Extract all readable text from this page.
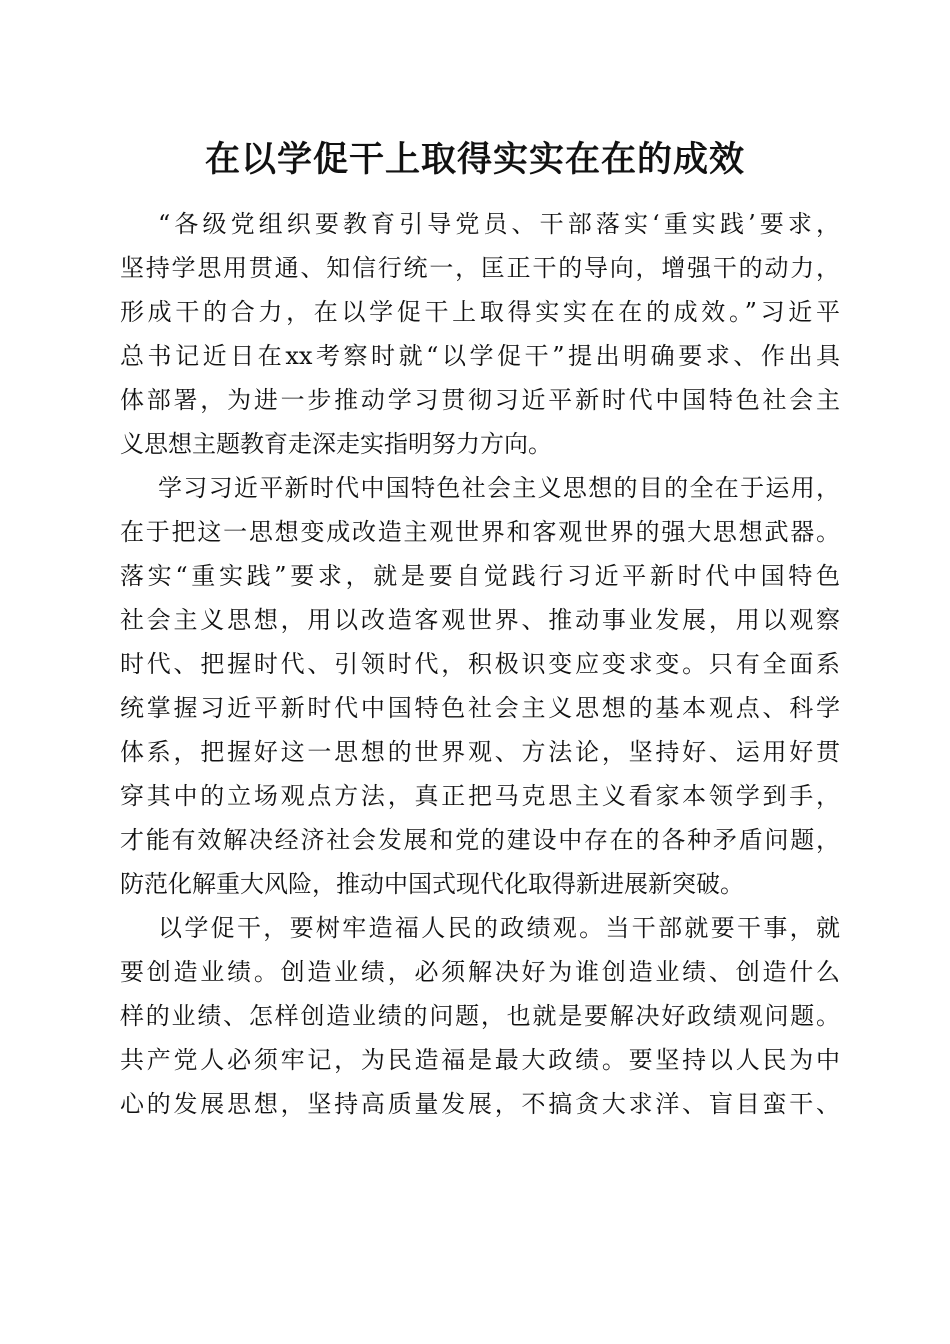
在以学促干上取得实实在在的成效

“各级党组织要教育引导党员、干部落实‘重实践’要求，

坚持学思用贯通、知信行统一，匡正干的导向，增强干的动力，

形成干的合力，在以学促干上取得实实在在的成效。”习近平

总书记近日在xx考察时就“以学促干”提出明确要求、作出具

体部署，为进一步推动学习贯彻习近平新时代中国特色社会主

义思想主题教育走深走实指明努力方向。

学习习近平新时代中国特色社会主义思想的目的全在于运用，

在于把这一思想变成改造主观世界和客观世界的强大思想武器。

落实“重实践”要求，就是要自觉践行习近平新时代中国特色

社会主义思想，用以改造客观世界、推动事业发展，用以观察

时代、把握时代、引领时代，积极识变应变求变。只有全面系

统掌握习近平新时代中国特色社会主义思想的基本观点、科学

体系，把握好这一思想的世界观、方法论，坚持好、运用好贯

穿其中的立场观点方法，真正把马克思主义看家本领学到手，

才能有效解决经济社会发展和党的建设中存在的各种矛盾问题，

防范化解重大风险，推动中国式现代化取得新进展新突破。

以学促干，要树牢造福人民的政绩观。当干部就要干事，就

要创造业绩。创造业绩，必须解决好为谁创造业绩、创造什么

样的业绩、怎样创造业绩的问题，也就是要解决好政绩观问题。

共产党人必须牢记，为民造福是最大政绩。要坚持以人民为中

心的发展思想，坚持高质量发展，不搞贪大求洋、盲目蛮干、
